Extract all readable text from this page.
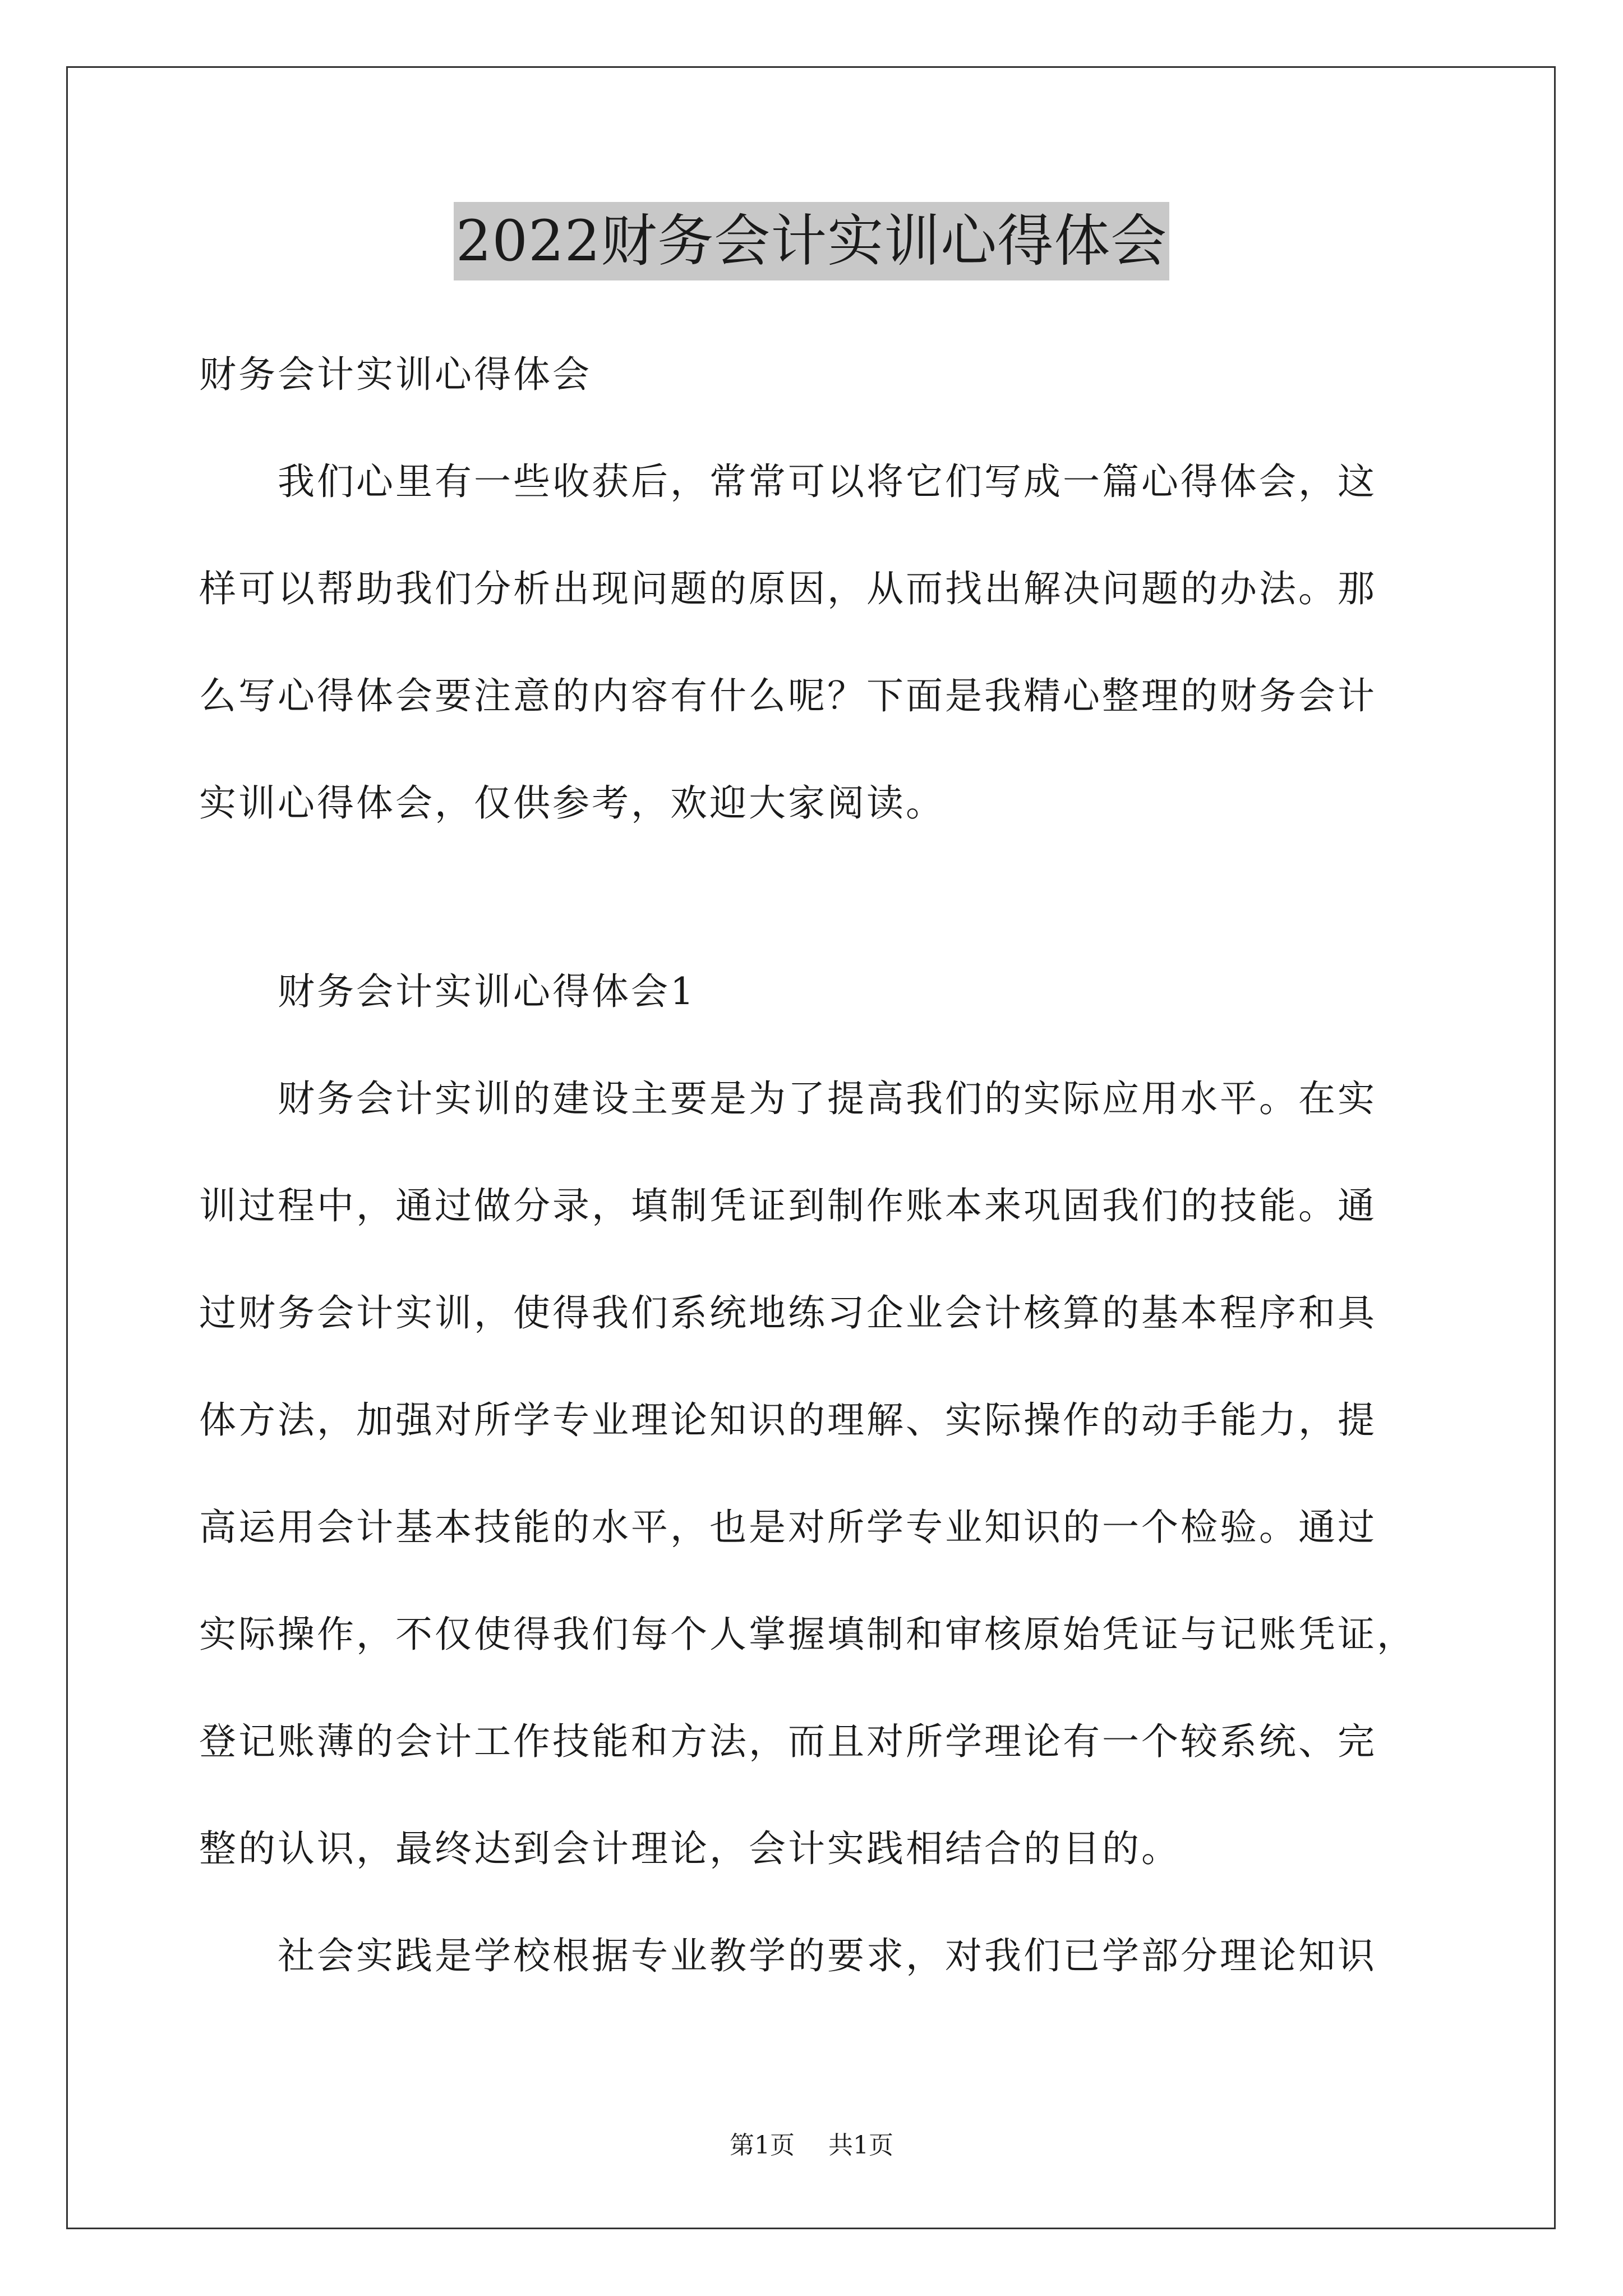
2022财务会计实训心得体会
财务会计实训心得体会
我们心里有一些收获后，常常可以将它们写成一篇心得体会，这
样可以帮助我们分析出现问题的原因，从而找出解决问题的办法。那
么写心得体会要注意的内容有什么呢？下面是我精心整理的财务会计
实训心得体会，仅供参考，欢迎大家阅读。
财务会计实训心得体会1
财务会计实训的建设主要是为了提高我们的实际应用水平。在实
训过程中，通过做分录，填制凭证到制作账本来巩固我们的技能。通
过财务会计实训，使得我们系统地练习企业会计核算的基本程序和具
体方法，加强对所学专业理论知识的理解、实际操作的动手能力，提
高运用会计基本技能的水平，也是对所学专业知识的一个检验。通过
实际操作，不仅使得我们每个人掌握填制和审核原始凭证与记账凭证，
登记账薄的会计工作技能和方法，而且对所学理论有一个较系统、完
整的认识，最终达到会计理论，会计实践相结合的目的。
社会实践是学校根据专业教学的要求，对我们已学部分理论知识
第1页 共1页
